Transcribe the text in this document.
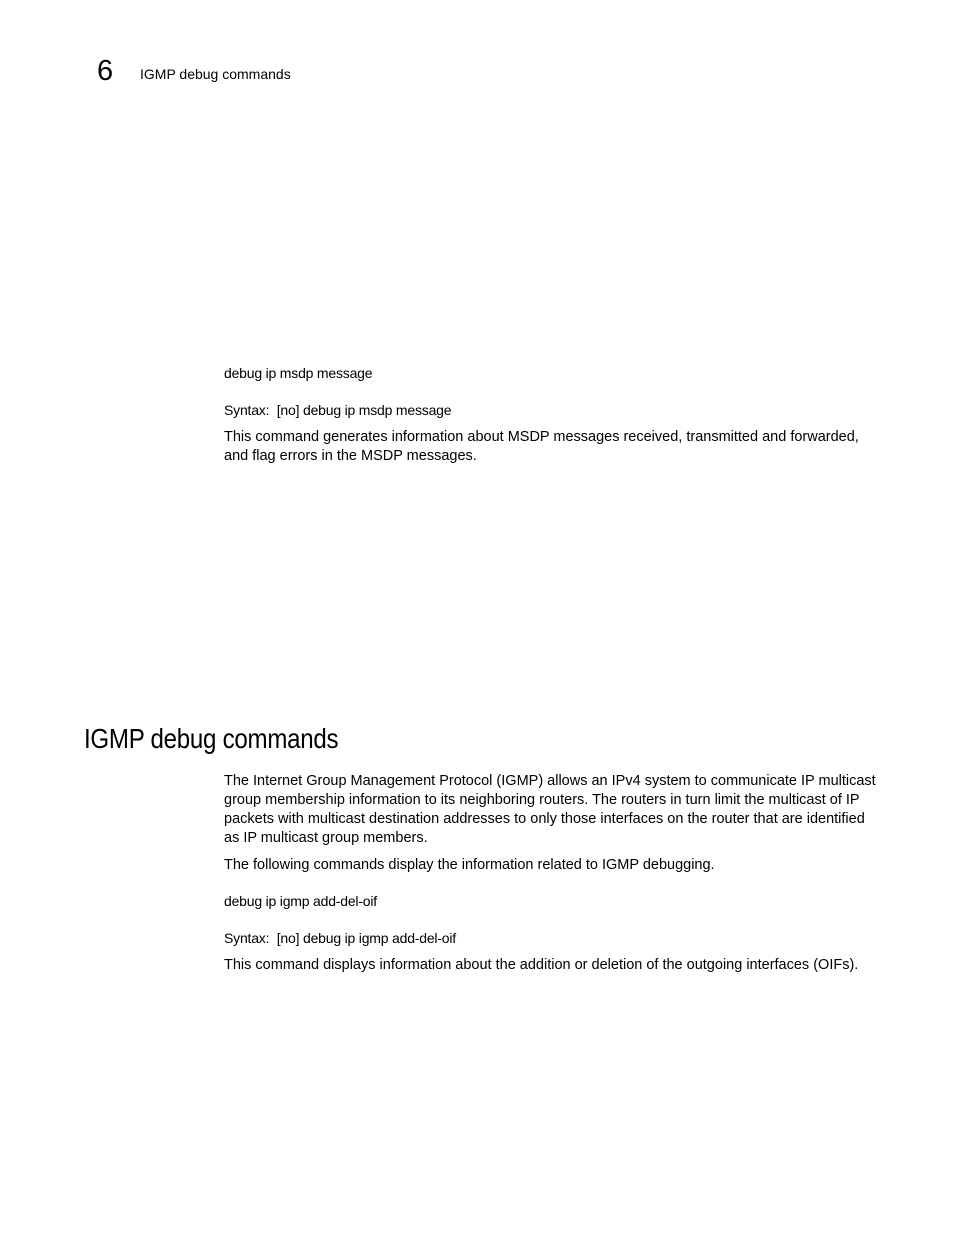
6 IGMP debug commands
debug ip msdp message
Syntax: [no] debug ip msdp message

This command generates information about MSDP messages received, transmitted and forwarded, and flag errors in the MSDP messages.

IGMP debug commands

The Internet Group Management Protocol (IGMP) allows an IPv4 system to communicate IP multicast group membership information to its neighboring routers. The routers in turn limit the multicast of IP packets with multicast destination addresses to only those interfaces on the router that are identified as IP multicast group members.

The following commands display the information related to IGMP debugging.

debug ip igmp add-del-oif
Syntax: [no] debug ip igmp add-del-oif

This command displays information about the addition or deletion of the outgoing interfaces (OIFs).
